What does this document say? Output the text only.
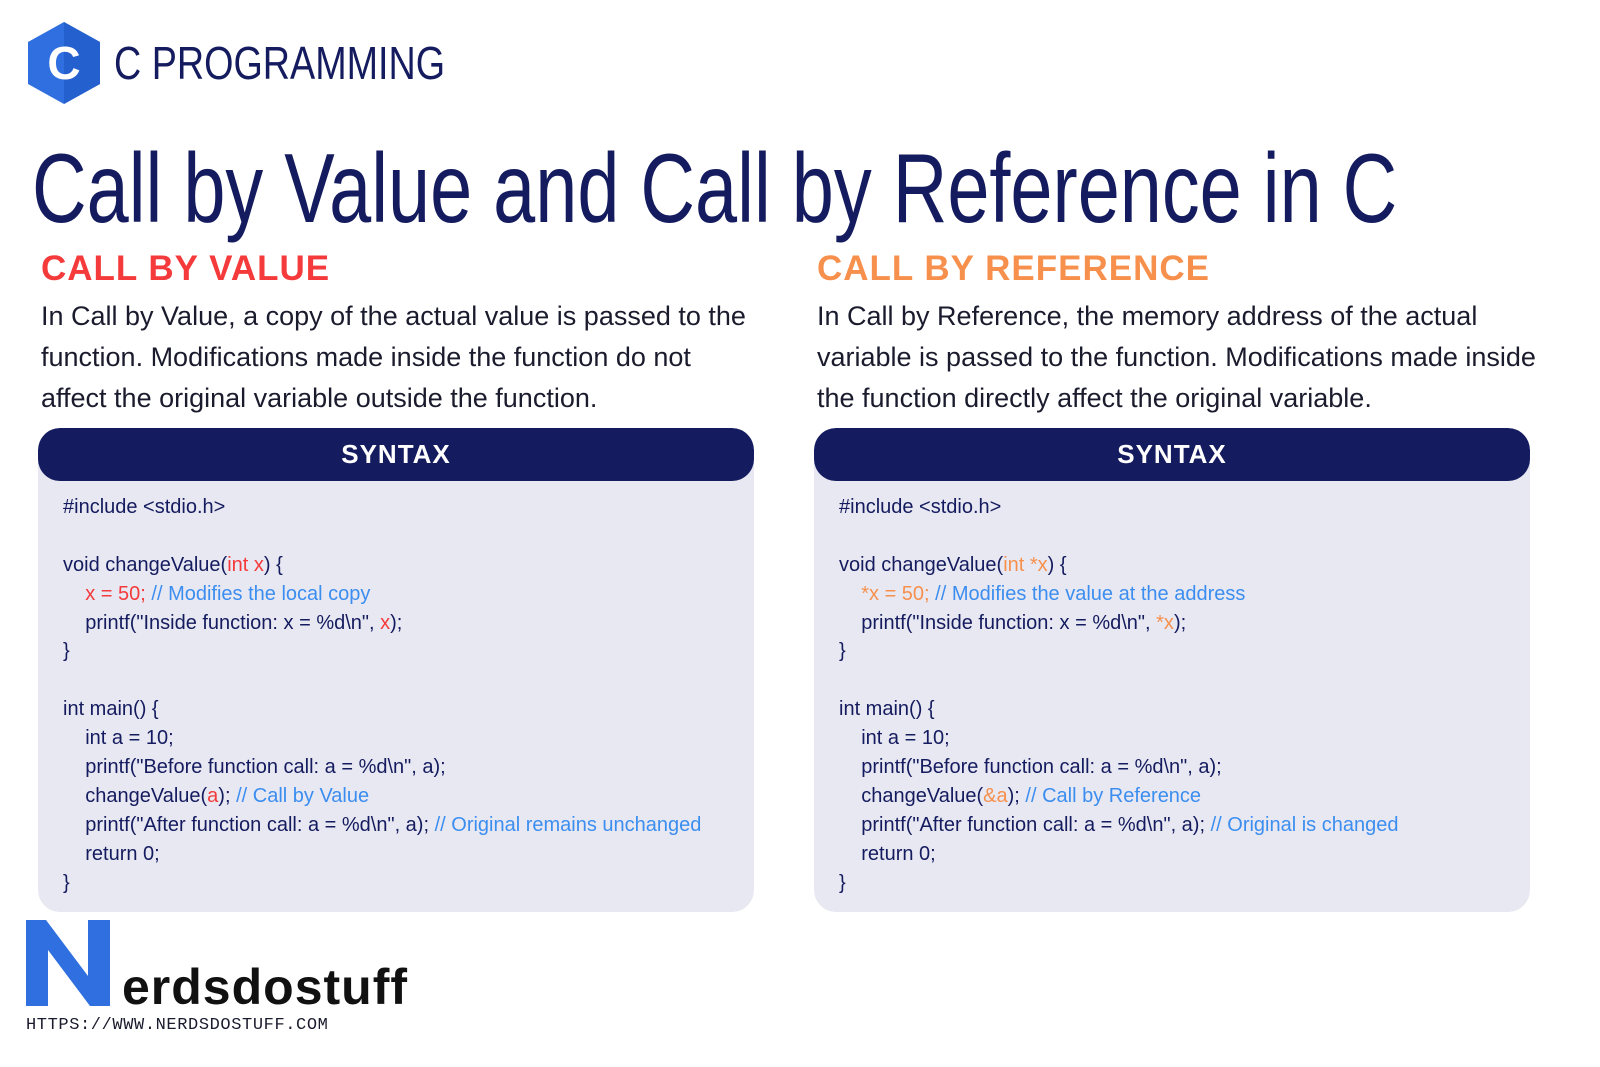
C C PROGRAMMING
Call by Value and Call by Reference in C
CALL BY VALUE
In Call by Value, a copy of the actual value is passed to the function. Modifications made inside the function do not affect the original variable outside the function.
CALL BY REFERENCE
In Call by Reference, the memory address of the actual variable is passed to the function. Modifications made inside the function directly affect the original variable.
SYNTAX
#include <stdio.h>
void changeValue(int x) {
x = 50; // Modifies the local copy
printf("Inside function: x = %d\n", x);
}
int main() {
int a = 10;
printf("Before function call: a = %d\n", a);
changeValue(a); // Call by Value
printf("After function call: a = %d\n", a); // Original remains unchanged
return 0;
}
SYNTAX
#include <stdio.h>
void changeValue(int *x) {
*x = 50; // Modifies the value at the address
printf("Inside function: x = %d\n", *x);
}
int main() {
int a = 10;
printf("Before function call: a = %d\n", a);
changeValue(&a); // Call by Reference
printf("After function call: a = %d\n", a); // Original is changed
return 0;
}
erdsdostuff
HTTPS://WWW.NERDSDOSTUFF.COM
